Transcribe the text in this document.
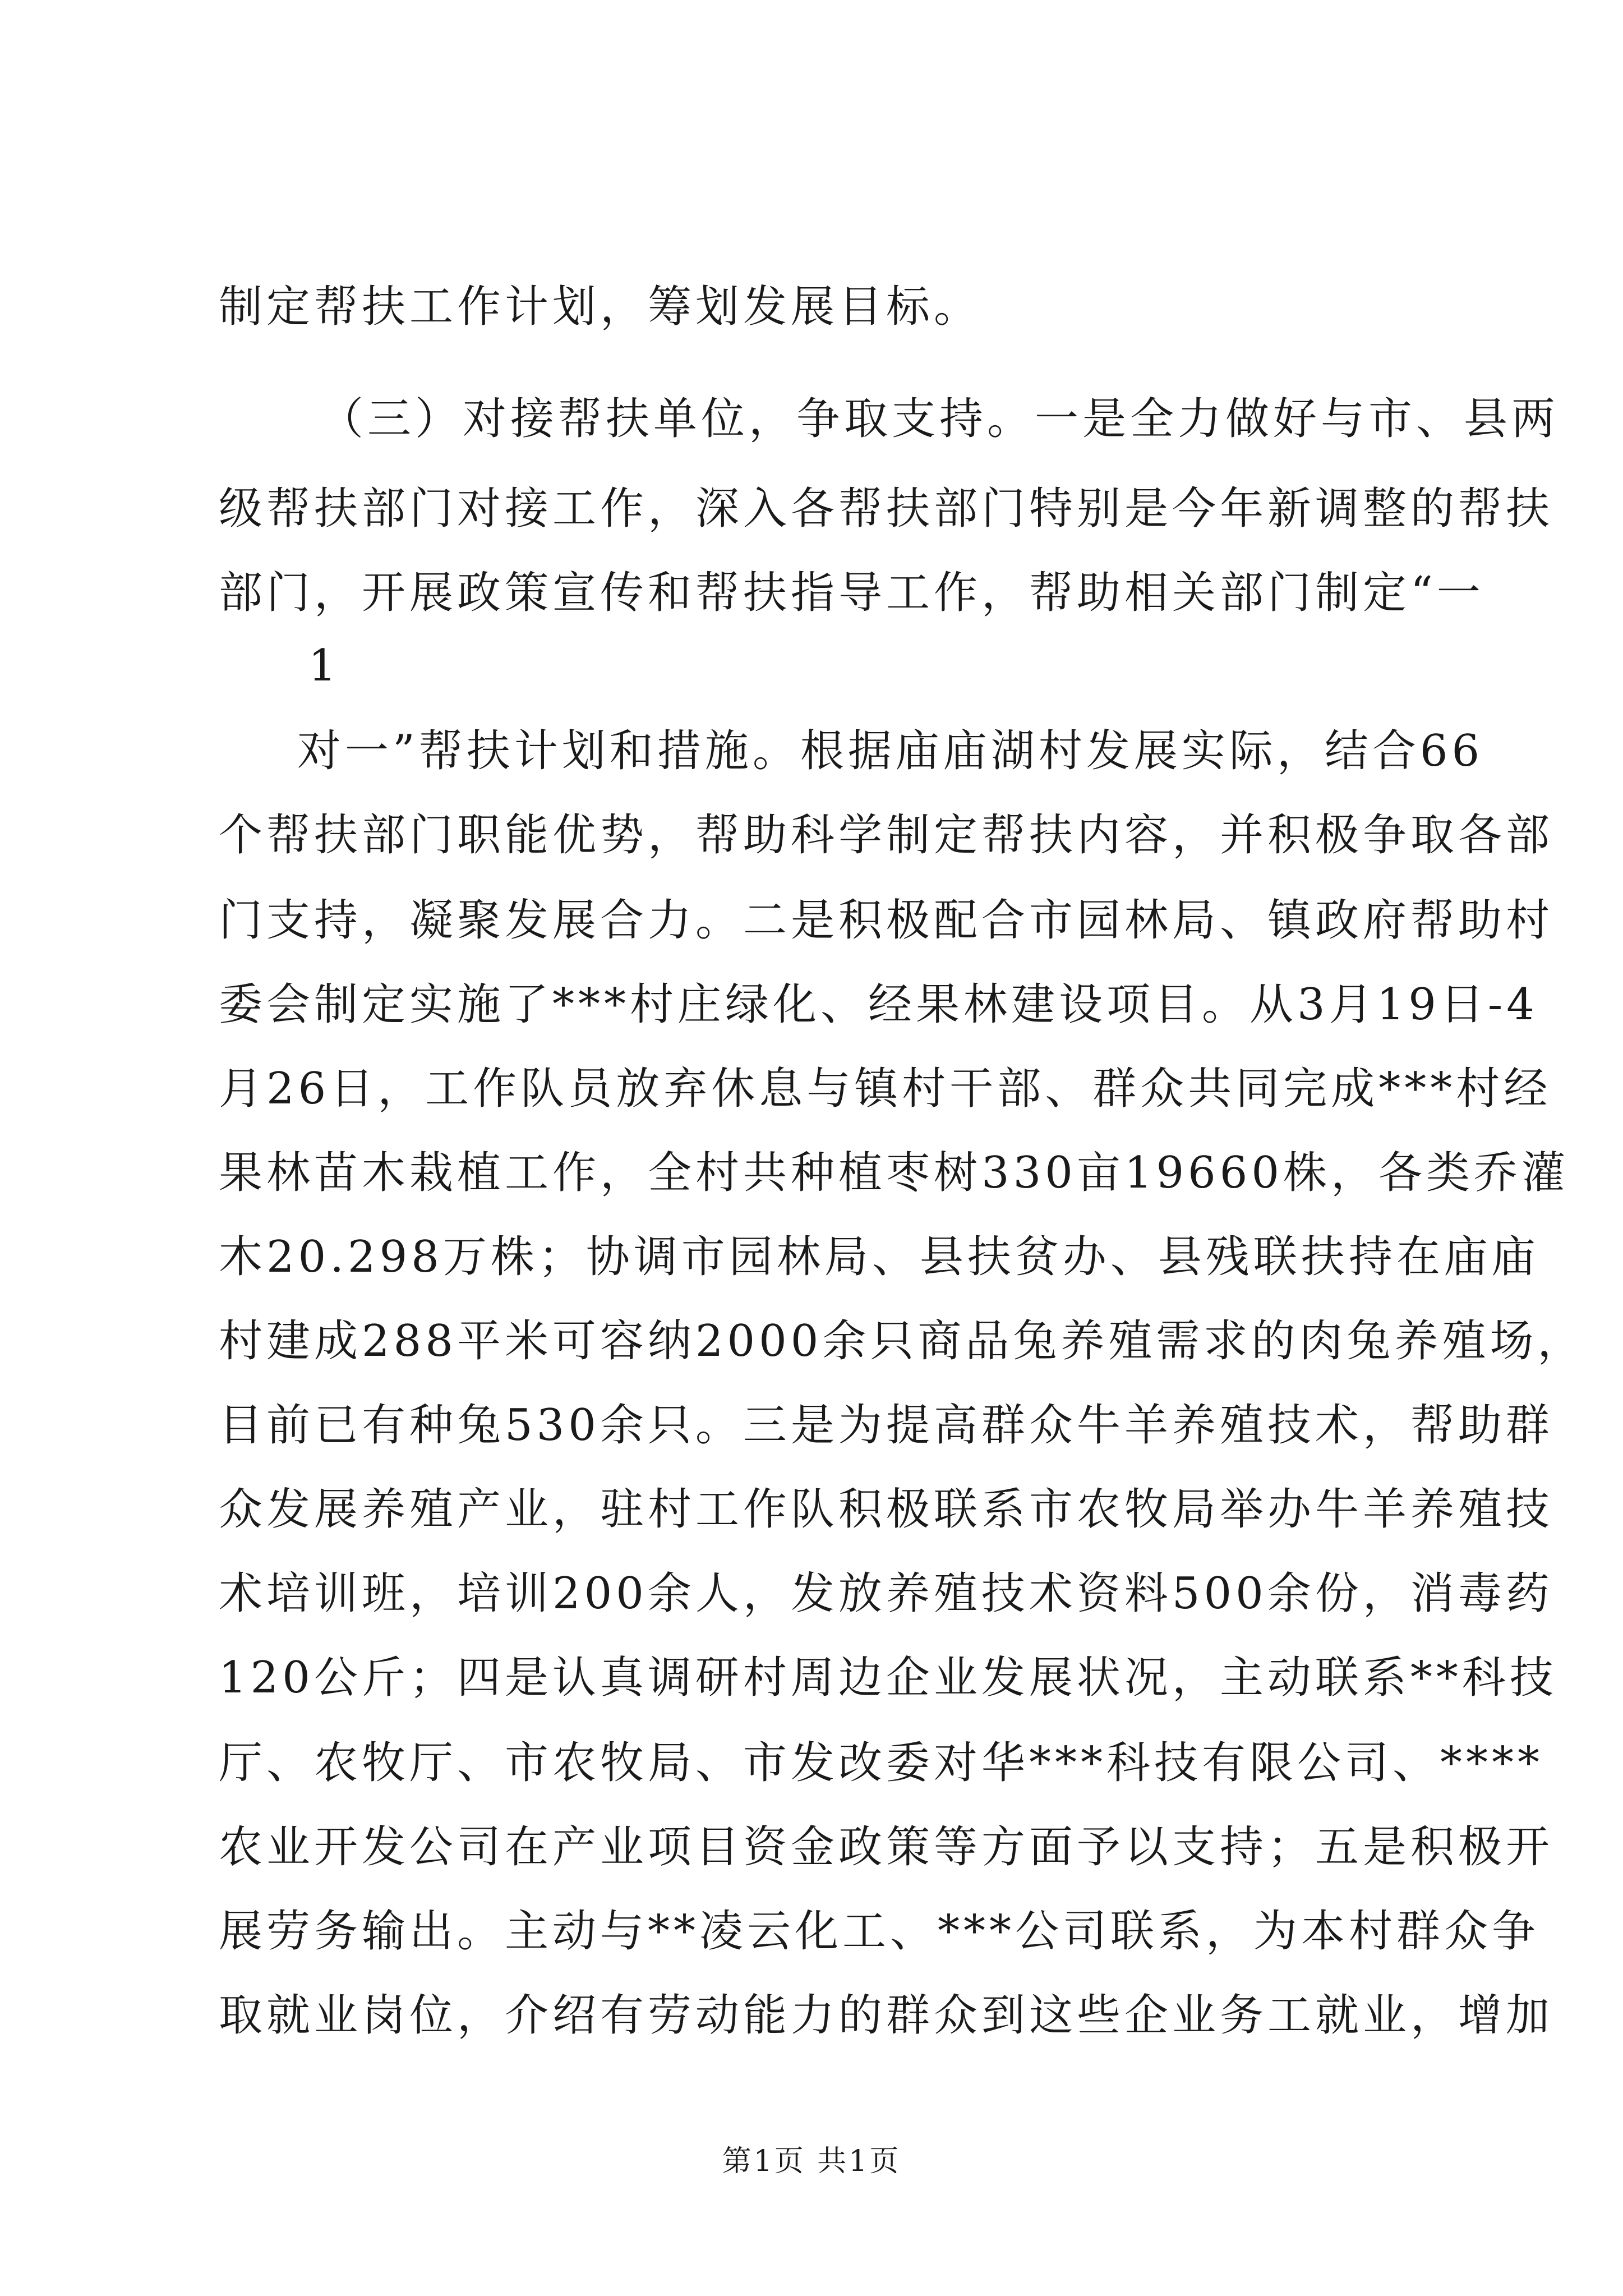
制定帮扶工作计划，筹划发展目标。
（三）对接帮扶单位，争取支持。一是全力做好与市、县两
级帮扶部门对接工作，深入各帮扶部门特别是今年新调整的帮扶
部门，开展政策宣传和帮扶指导工作，帮助相关部门制定“一
1
对一”帮扶计划和措施。根据庙庙湖村发展实际，结合66
个帮扶部门职能优势，帮助科学制定帮扶内容，并积极争取各部
门支持，凝聚发展合力。二是积极配合市园林局、镇政府帮助村
委会制定实施了***村庄绿化、经果林建设项目。从3月19日-4
月26日，工作队员放弃休息与镇村干部、群众共同完成***村经
果林苗木栽植工作，全村共种植枣树330亩19660株，各类乔灌
木20.298万株；协调市园林局、县扶贫办、县残联扶持在庙庙
村建成288平米可容纳2000余只商品兔养殖需求的肉兔养殖场，
目前已有种兔530余只。三是为提高群众牛羊养殖技术，帮助群
众发展养殖产业，驻村工作队积极联系市农牧局举办牛羊养殖技
术培训班，培训200余人，发放养殖技术资料500余份，消毒药
120公斤；四是认真调研村周边企业发展状况，主动联系**科技
厅、农牧厅、市农牧局、市发改委对华***科技有限公司、****
农业开发公司在产业项目资金政策等方面予以支持；五是积极开
展劳务输出。主动与**凌云化工、***公司联系，为本村群众争
取就业岗位，介绍有劳动能力的群众到这些企业务工就业，增加
第1页 共1页
